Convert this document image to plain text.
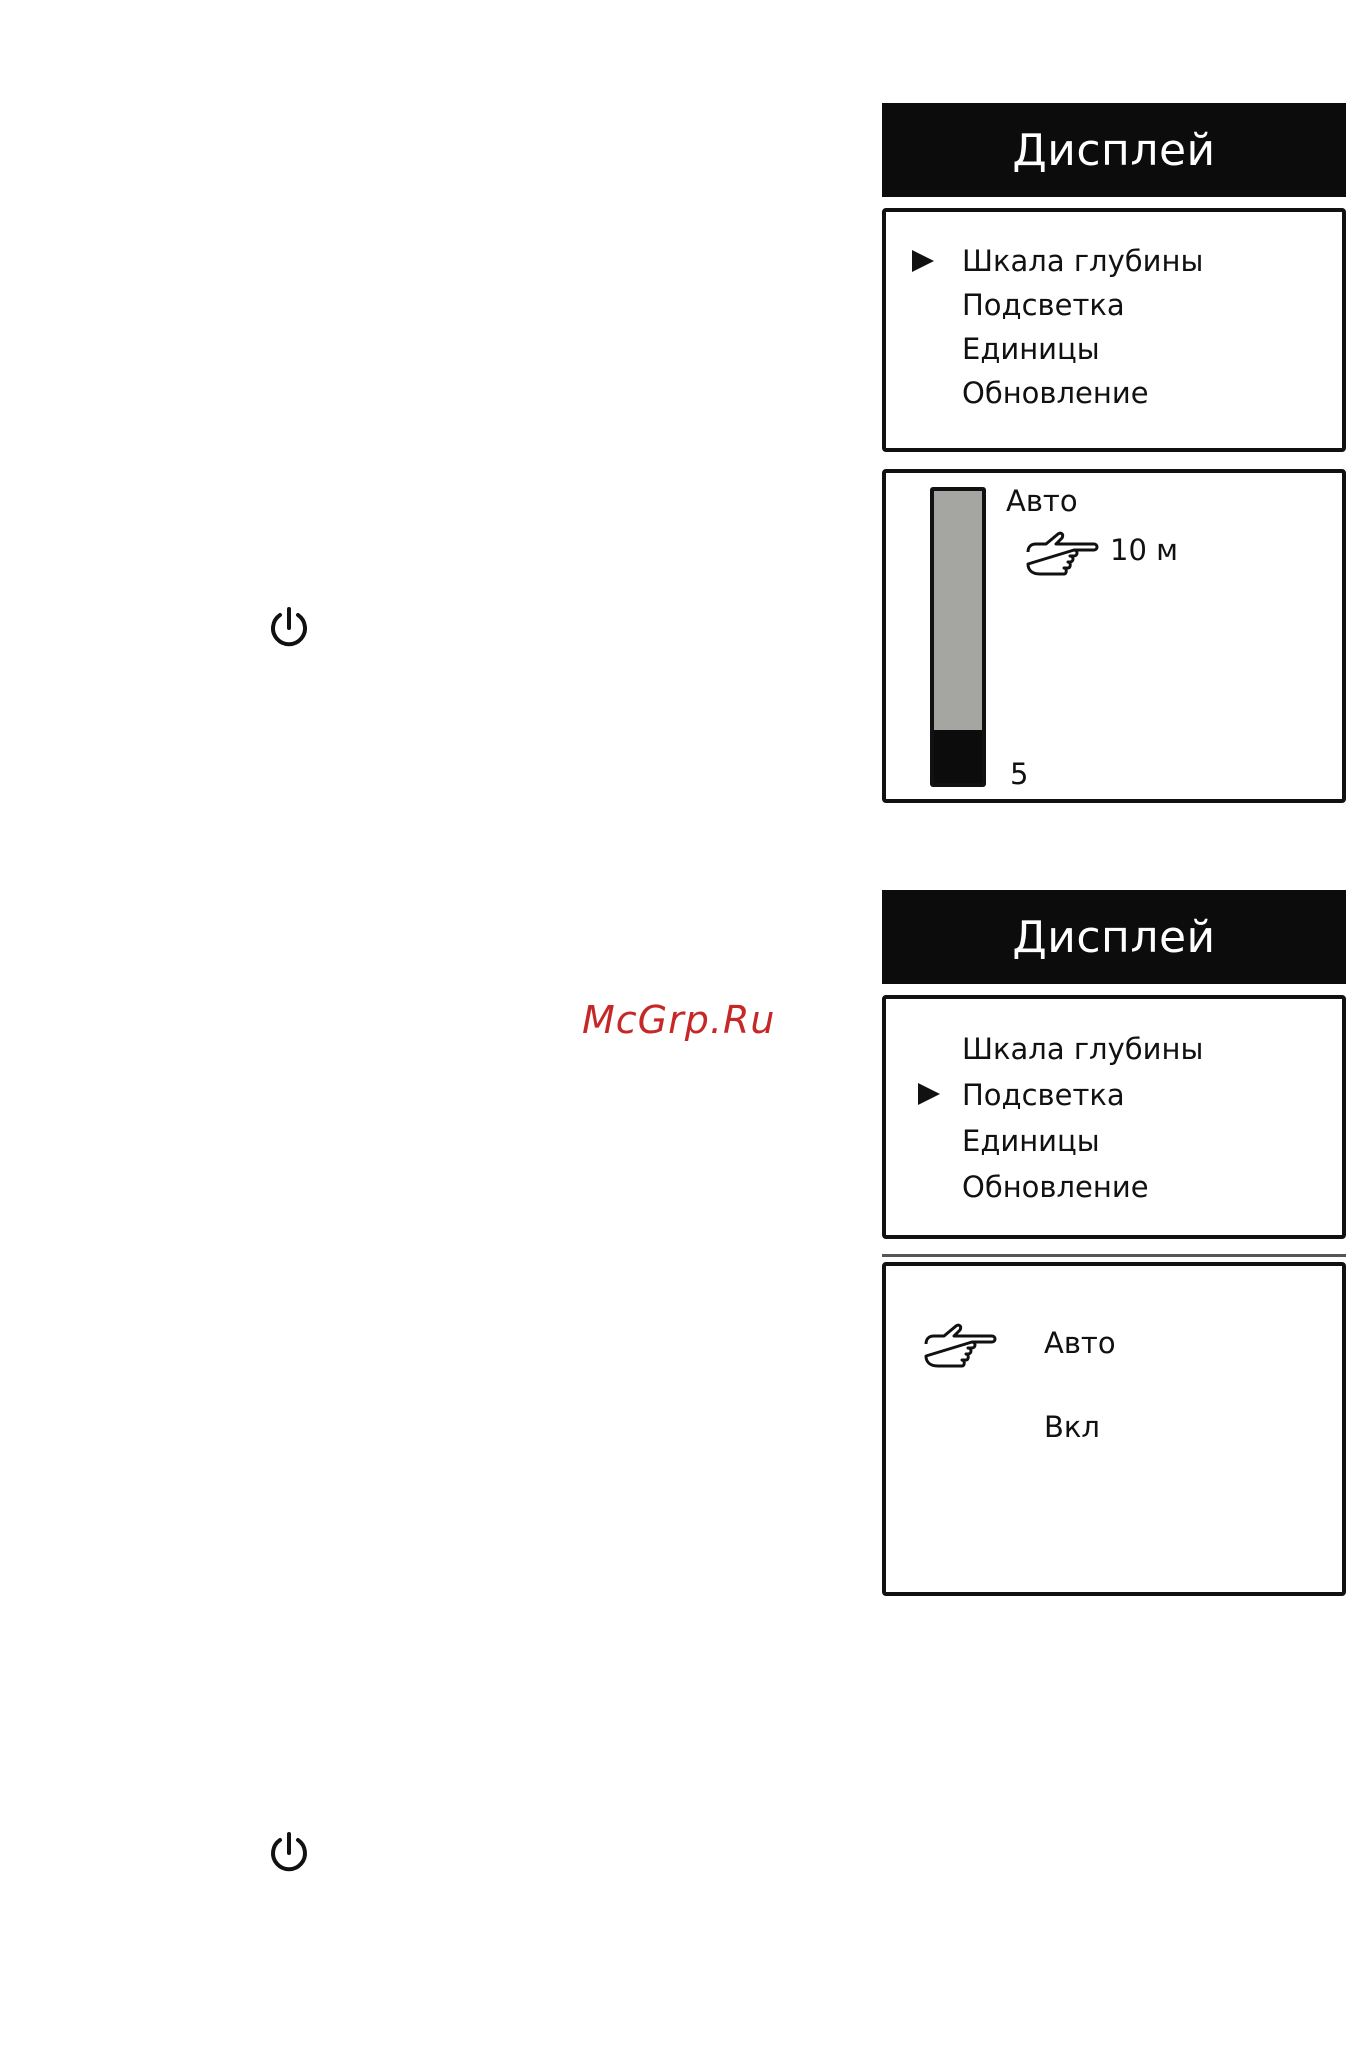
McGrp.Ru
Дисплей
Шкала глубины
Подсветка
Единицы
Обновление
Авто
10 м
5
Дисплей
Шкала глубины
Подсветка
Единицы
Обновление
Авто
Вкл
